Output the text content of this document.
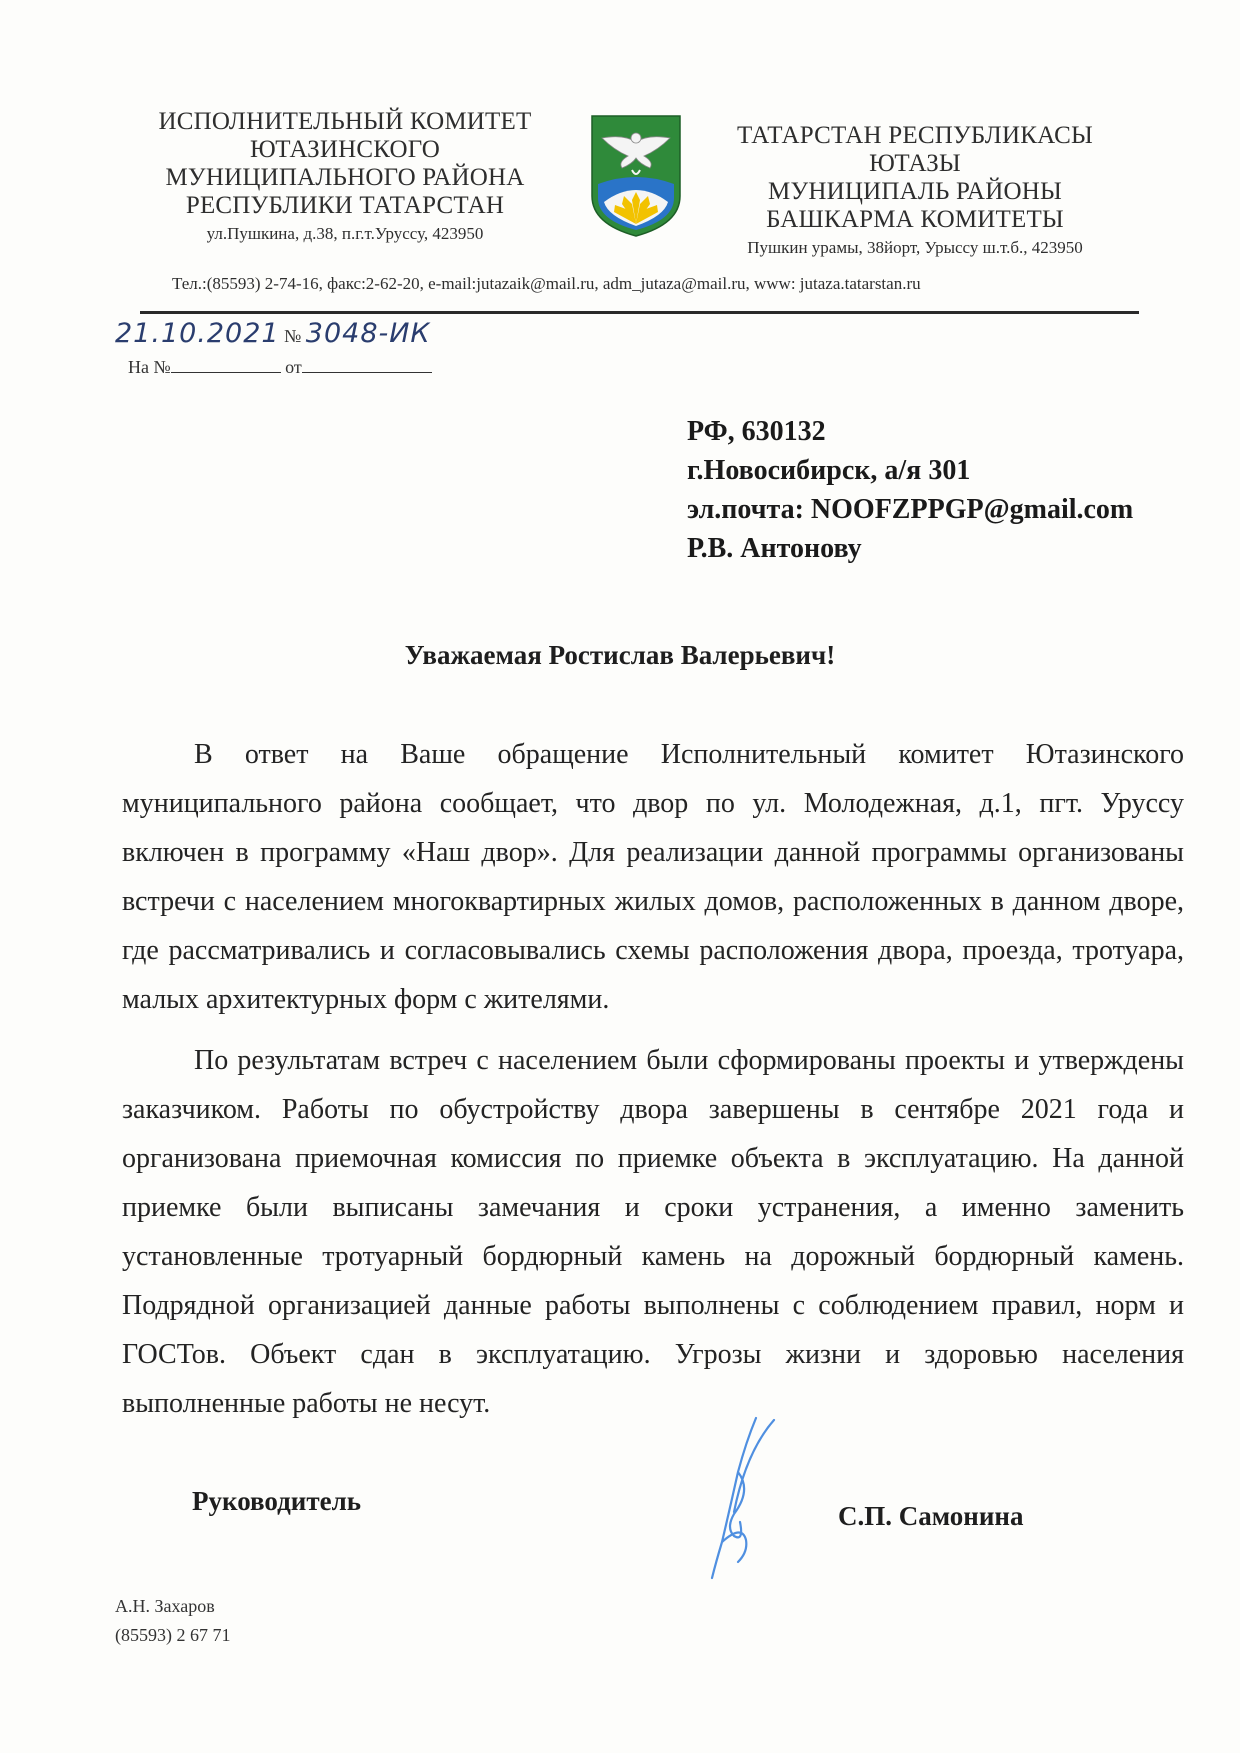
ИСПОЛНИТЕЛЬНЫЙ КОМИТЕТ
ЮТАЗИНСКОГО
МУНИЦИПАЛЬНОГО РАЙОНА
РЕСПУБЛИКИ ТАТАРСТАН
ул.Пушкина, д.38, п.г.т.Уруссу, 423950
ТАТАРСТАН РЕСПУБЛИКАСЫ
ЮТАЗЫ
МУНИЦИПАЛЬ РАЙОНЫ
БАШКАРМА КОМИТЕТЫ
Пушкин урамы, 38йорт, Урыссу ш.т.б., 423950
Тел.:(85593) 2-74-16, факс:2-62-20, e-mail:jutazaik@mail.ru, adm_jutaza@mail.ru, www: jutaza.tatarstan.ru
21.10.2021 № 3048-ИК
На №	от
РФ, 630132
г.Новосибирск, а/я 301
эл.почта: NOOFZPPGP@gmail.com
Р.В. Антонову
Уважаемая Ростислав Валерьевич!

В ответ на Ваше обращение Исполнительный комитет Ютазинского муниципального района сообщает, что двор по ул. Молодежная, д.1, пгт. Уруссу включен в программу «Наш двор». Для реализации данной программы организованы встречи с населением многоквартирных жилых домов, расположенных в данном дворе, где рассматривались и согласовывались схемы расположения двора, проезда, тротуара, малых архитектурных форм с жителями.

По результатам встреч с населением были сформированы проекты и утверждены заказчиком. Работы по обустройству двора завершены в сентябре 2021 года и организована приемочная комиссия по приемке объекта в эксплуатацию. На данной приемке были выписаны замечания и сроки устранения, а именно заменить установленные тротуарный бордюрный камень на дорожный бордюрный камень. Подрядной организацией данные работы выполнены с соблюдением правил, норм и ГОСТов. Объект сдан в эксплуатацию. Угрозы жизни и здоровью населения выполненные работы не несут.

Руководитель	С.П. Самонина
А.Н. Захаров
(85593) 2 67 71
